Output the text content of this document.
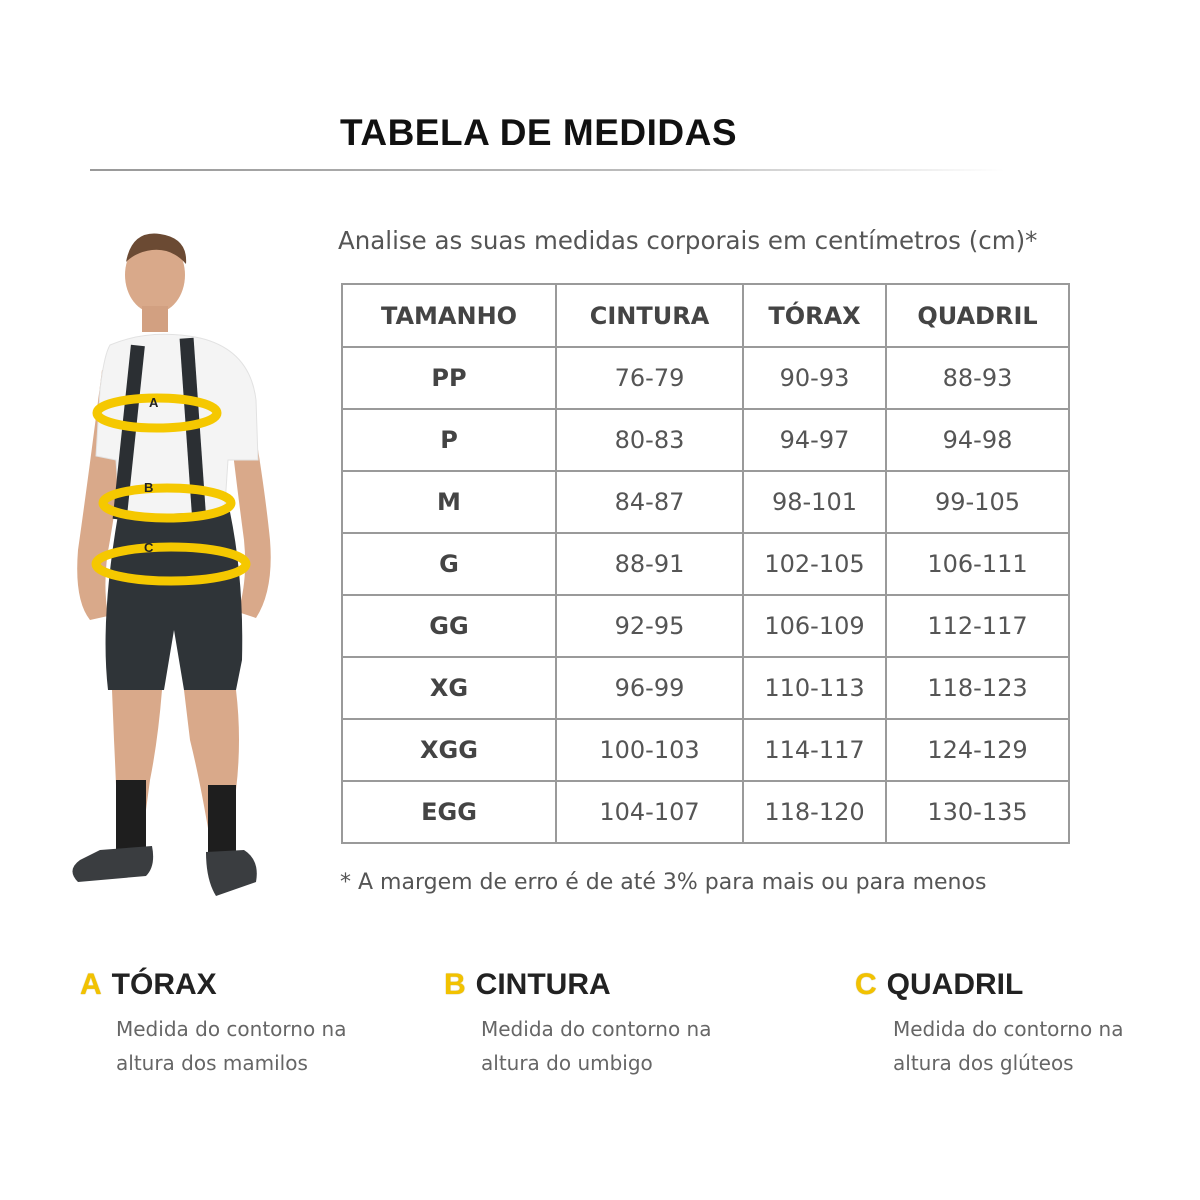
TABELA DE MEDIDAS
A
B
C
Analise as suas medidas corporais em centímetros (cm)*
TAMANHO	CINTURA	TÓRAX	QUADRIL
PP	76-79	90-93	88-93
P	80-83	94-97	94-98
M	84-87	98-101	99-105
G	88-91	102-105	106-111
GG	92-95	106-109	112-117
XG	96-99	110-113	118-123
XGG	100-103	114-117	124-129
EGG	104-107	118-120	130-135
* A margem de erro é de até 3% para mais ou para menos
A TÓRAX
Medida do contorno na
altura dos mamilos
B CINTURA
Medida do contorno na
altura do umbigo
C QUADRIL
Medida do contorno na
altura dos glúteos
